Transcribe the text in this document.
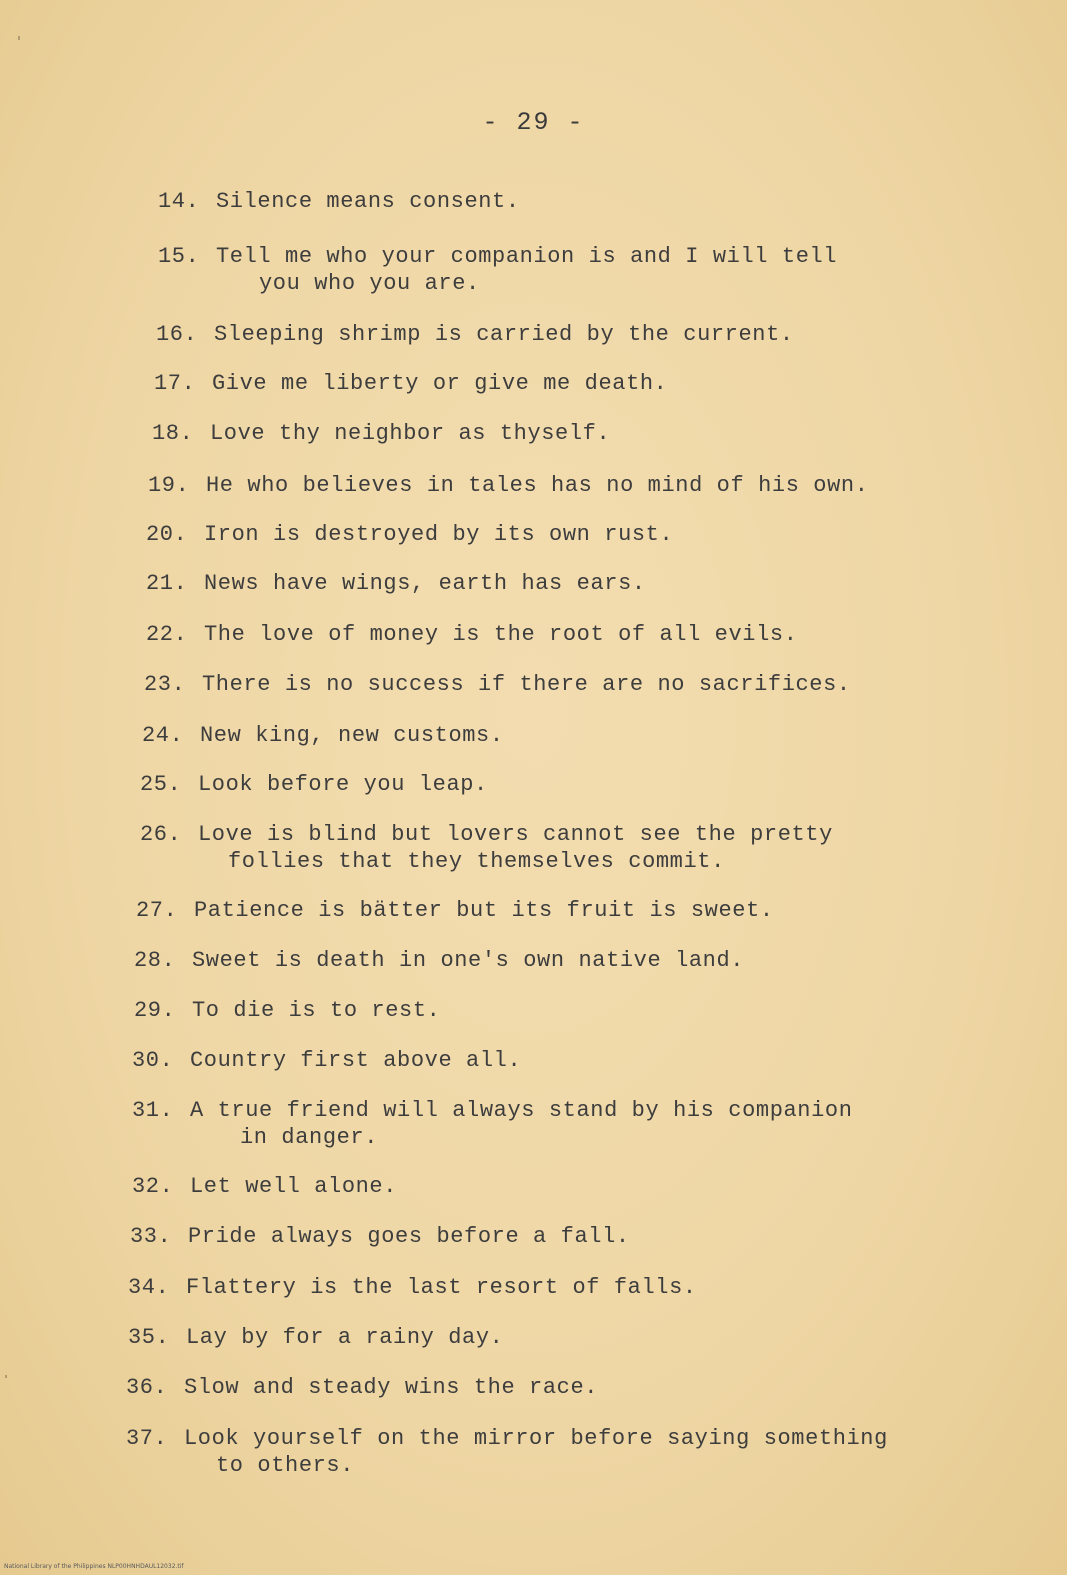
- 29 -
14. Silence means consent.
15. Tell me who your companion is and I will tell
you who you are.
16. Sleeping shrimp is carried by the current.
17. Give me liberty or give me death.
18. Love thy neighbor as thyself.
19. He who believes in tales has no mind of his own.
20. Iron is destroyed by its own rust.
21. News have wings, earth has ears.
22. The love of money is the root of all evils.
23. There is no success if there are no sacrifices.
24. New king, new customs.
25. Look before you leap.
26. Love is blind but lovers cannot see the pretty
follies that they themselves commit.
27. Patience is bätter but its fruit is sweet.
28. Sweet is death in one's own native land.
29. To die is to rest.
30. Country first above all.
31. A true friend will always stand by his companion
in danger.
32. Let well alone.
33. Pride always goes before a fall.
34. Flattery is the last resort of falls.
35. Lay by for a rainy day.
36. Slow and steady wins the race.
37. Look yourself on the mirror before saying something
to others.
National Library of the Philippines NLP00HNHDAUL12032.tif
